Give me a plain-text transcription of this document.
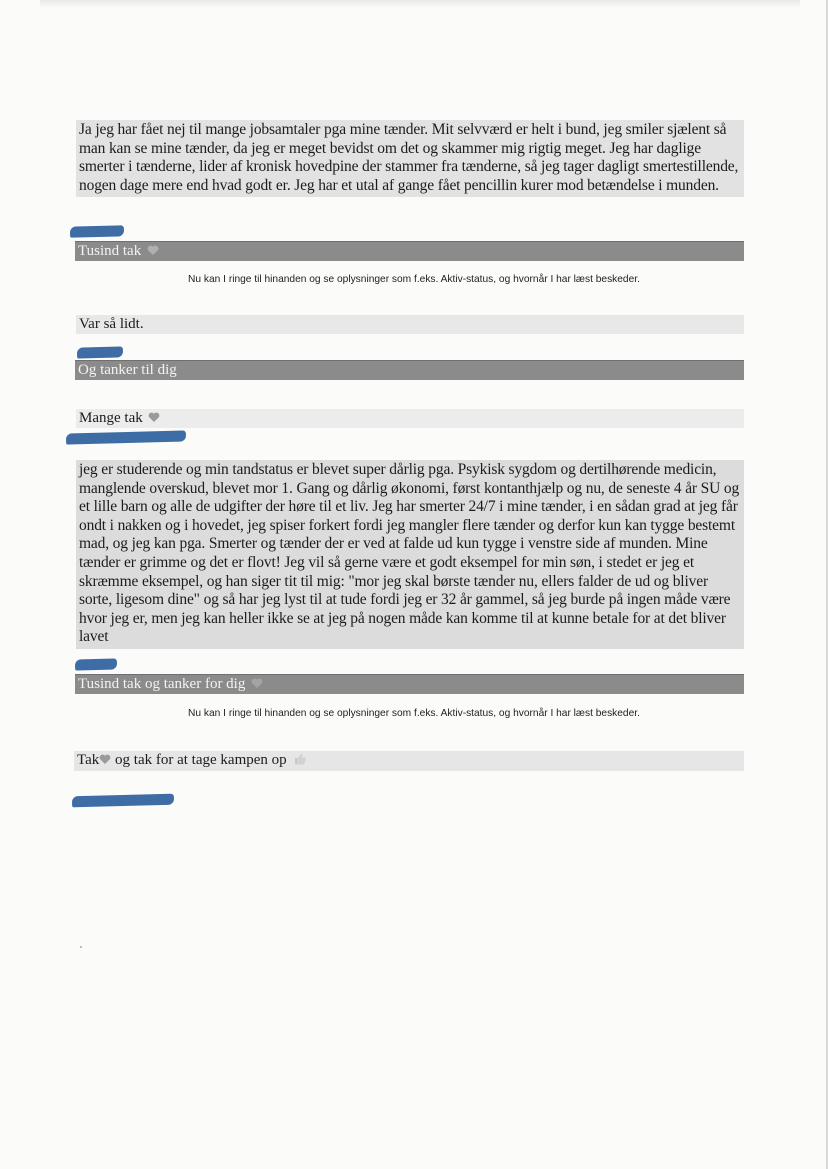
Ja jeg har fået nej til mange jobsamtaler pga mine tænder. Mit selvværd er helt i bund, jeg smiler sjælent så man kan se mine tænder, da jeg er meget bevidst om det og skammer mig rigtig meget. Jeg har daglige smerter i tænderne, lider af kronisk hovedpine der stammer fra tænderne, så jeg tager dagligt smertestillende, nogen dage mere end hvad godt er. Jeg har et utal af gange fået pencillin kurer mod betændelse i munden.
Tusind tak
Nu kan I ringe til hinanden og se oplysninger som f.eks. Aktiv-status, og hvornår I har læst beskeder.
Var så lidt.
Og tanker til dig
Mange tak
jeg er studerende og min tandstatus er blevet super dårlig pga. Psykisk sygdom og dertilhørende medicin, manglende overskud, blevet mor 1. Gang og dårlig økonomi, først kontanthjælp og nu, de seneste 4 år SU og et lille barn og alle de udgifter der høre til et liv. Jeg har smerter 24/7 i mine tænder, i en sådan grad at jeg får ondt i nakken og i hovedet, jeg spiser forkert fordi jeg mangler flere tænder og derfor kun kan tygge bestemt mad, og jeg kan pga. Smerter og tænder der er ved at falde ud kun tygge i venstre side af munden. Mine tænder er grimme og det er flovt! Jeg vil så gerne være et godt eksempel for min søn, i stedet er jeg et skræmme eksempel, og han siger tit til mig: "mor jeg skal børste tænder nu, ellers falder de ud og bliver sorte, ligesom dine" og så har jeg lyst til at tude fordi jeg er 32 år gammel, så jeg burde på ingen måde være hvor jeg er, men jeg kan heller ikke se at jeg på nogen måde kan komme til at kunne betale for at det bliver lavet
Tusind tak og tanker for dig
Nu kan I ringe til hinanden og se oplysninger som f.eks. Aktiv-status, og hvornår I har læst beskeder.
Tak og tak for at tage kampen op
